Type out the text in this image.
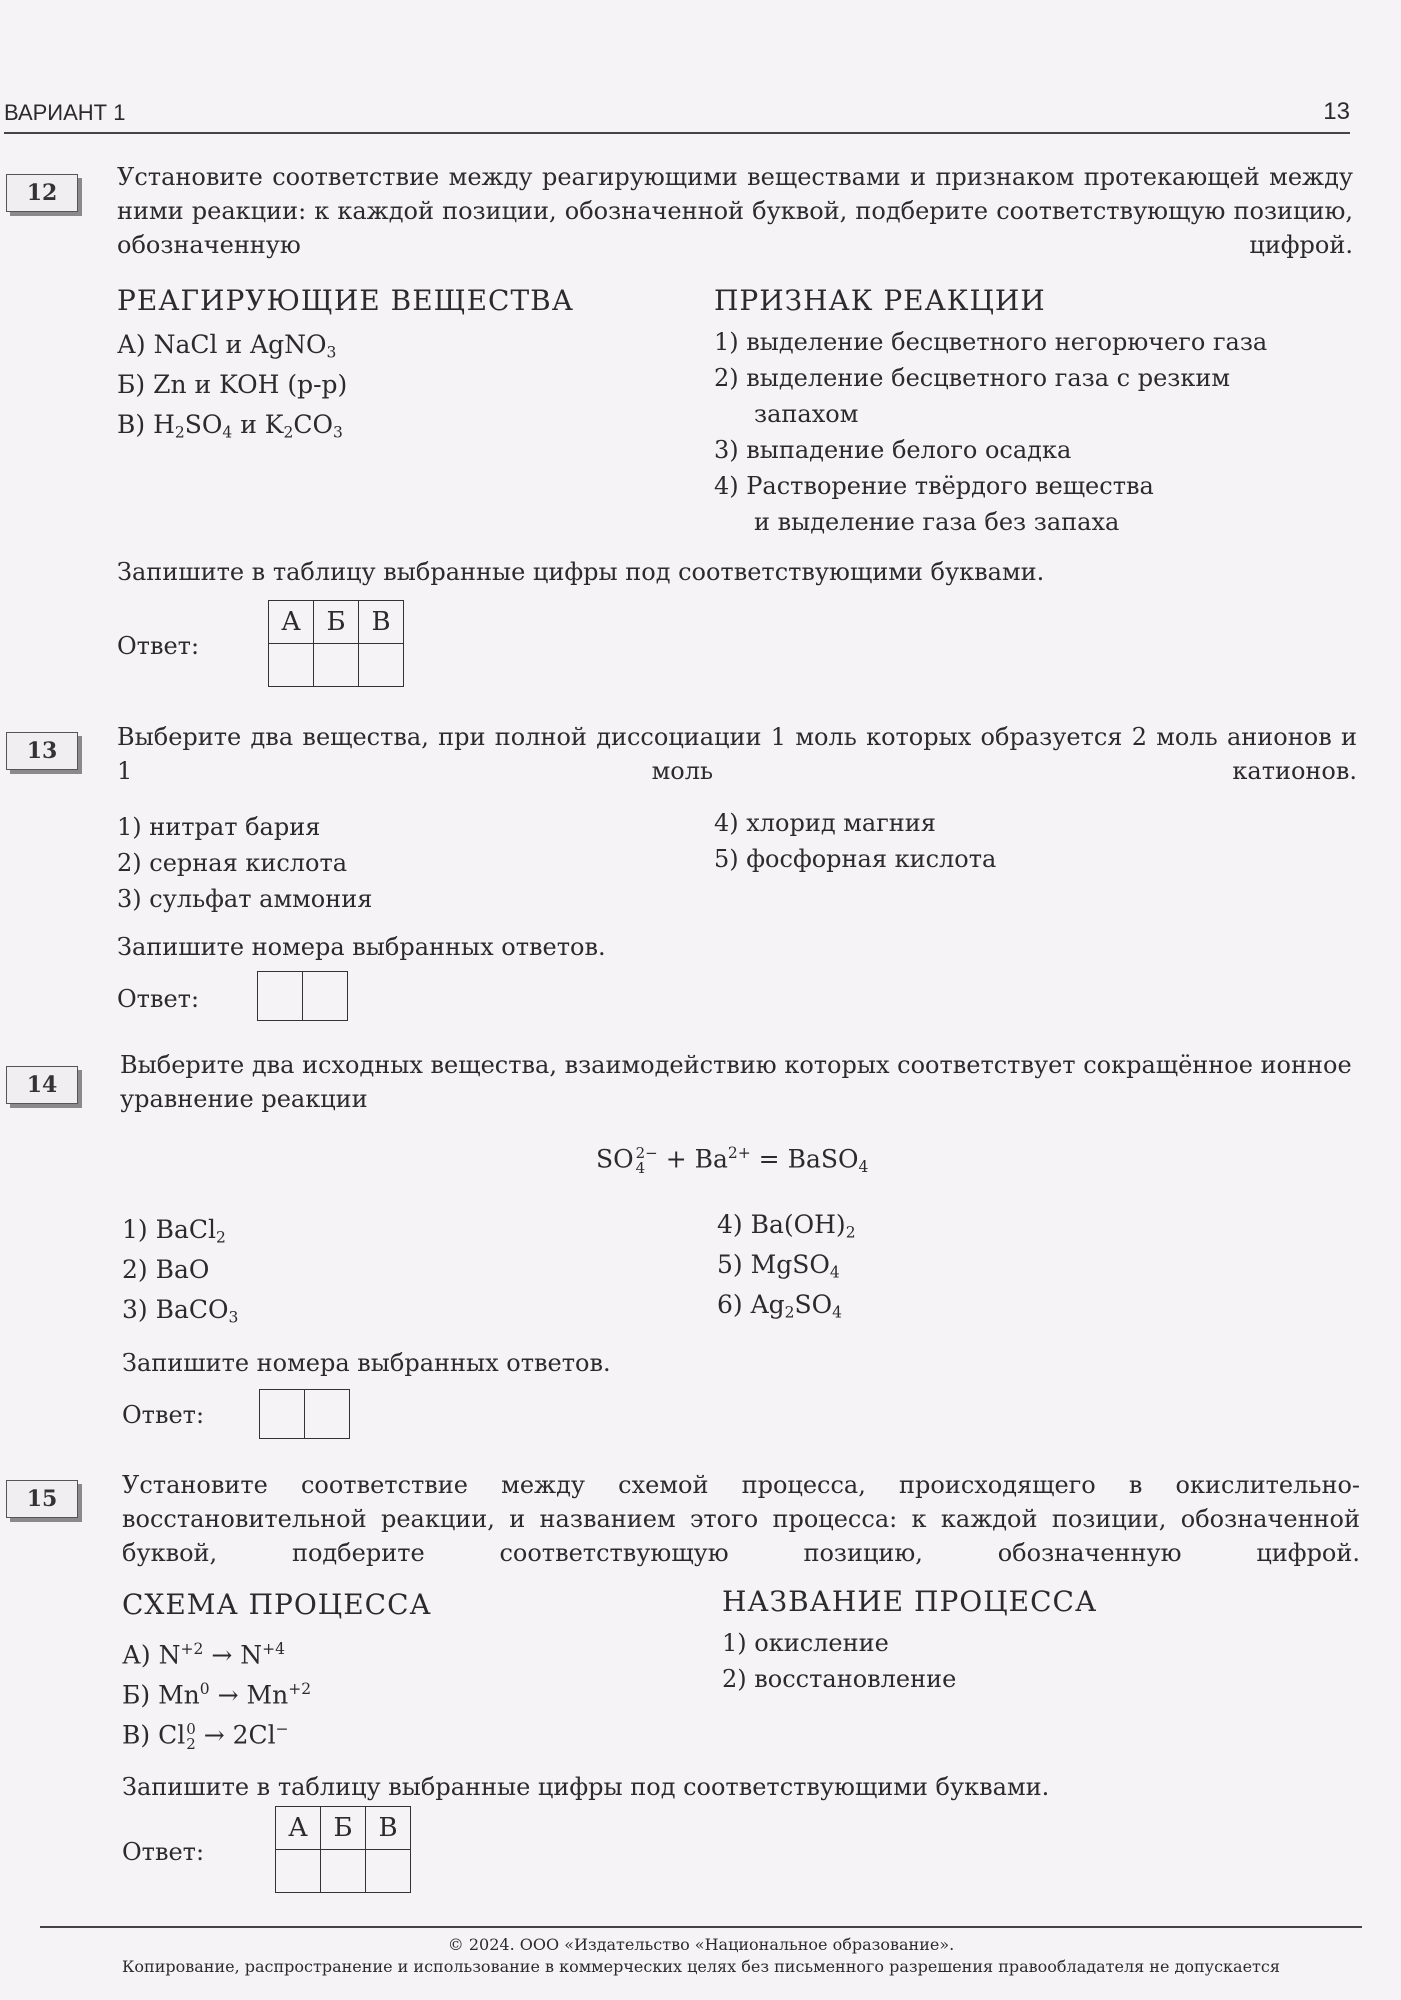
ВАРИАНТ 1	13
12
Установите соответствие между реагирующими веществами и признаком протекающей между ними реакции: к каждой позиции, обозначенной буквой, подберите соответствующую позицию, обозначенную цифрой.
РЕАГИРУЮЩИЕ ВЕЩЕСТВА
А) NaCl и AgNO$_3$
Б) Zn и KOH (р-р)
В) $H_2SO_4$ и $K_2CO_3$
ПРИЗНАК РЕАКЦИИ
1) выделение бесцветного негорючего газа
2) выделение бесцветного газа с резким
запахом
3) выпадение белого осадка
4) Растворение твёрдого вещества
и выделение газа без запаха
Запишите в таблицу выбранные цифры под соответствующими буквами.
Ответ:
А	Б	В

13	Выберите два вещества, при полной диссоциации 1 моль которых образуется 2 моль анионов и 1 моль катионов.
1) нитрат бария
2) серная кислота
3) сульфат аммония
4) хлорид магния
5) фосфорная кислота
Запишите номера выбранных ответов.
Ответ:

14
Выберите два исходных вещества, взаимодействию которых соответствует сокращённое ионное уравнение реакции
SO 2−
$4 + Ba^{2+}$ = BaSO$_4$
1) BaCl$_2$
2) BaO
3) BaCO$_3$
4) $Ba(OH)_2$
5) MgSO$_4$
6) $Ag_2SO_4$
Запишите номера выбранных ответов.
Ответ:

15	Установите соответствие между схемой процесса, происходящего в окислительно-восстановительной реакции, и названием этого процесса: к каждой позиции, обозначенной буквой, подберите соответствующую позицию, обозначенную цифрой.
СХЕМА ПРОЦЕССА
А) $N^{+2} \to N^{+4}$
Б) $Mn^0 \to Mn^{+2}$
В) Cl 0
2 → 2Cl−
НАЗВАНИЕ ПРОЦЕССА
1) окисление
2) восстановление
Запишите в таблицу выбранные цифры под соответствующими буквами.
Ответ:
А	Б	В

© 2024. ООО «Издательство «Национальное образование».
Копирование, распространение и использование в коммерческих целях без письменного разрешения правообладателя не допускается
